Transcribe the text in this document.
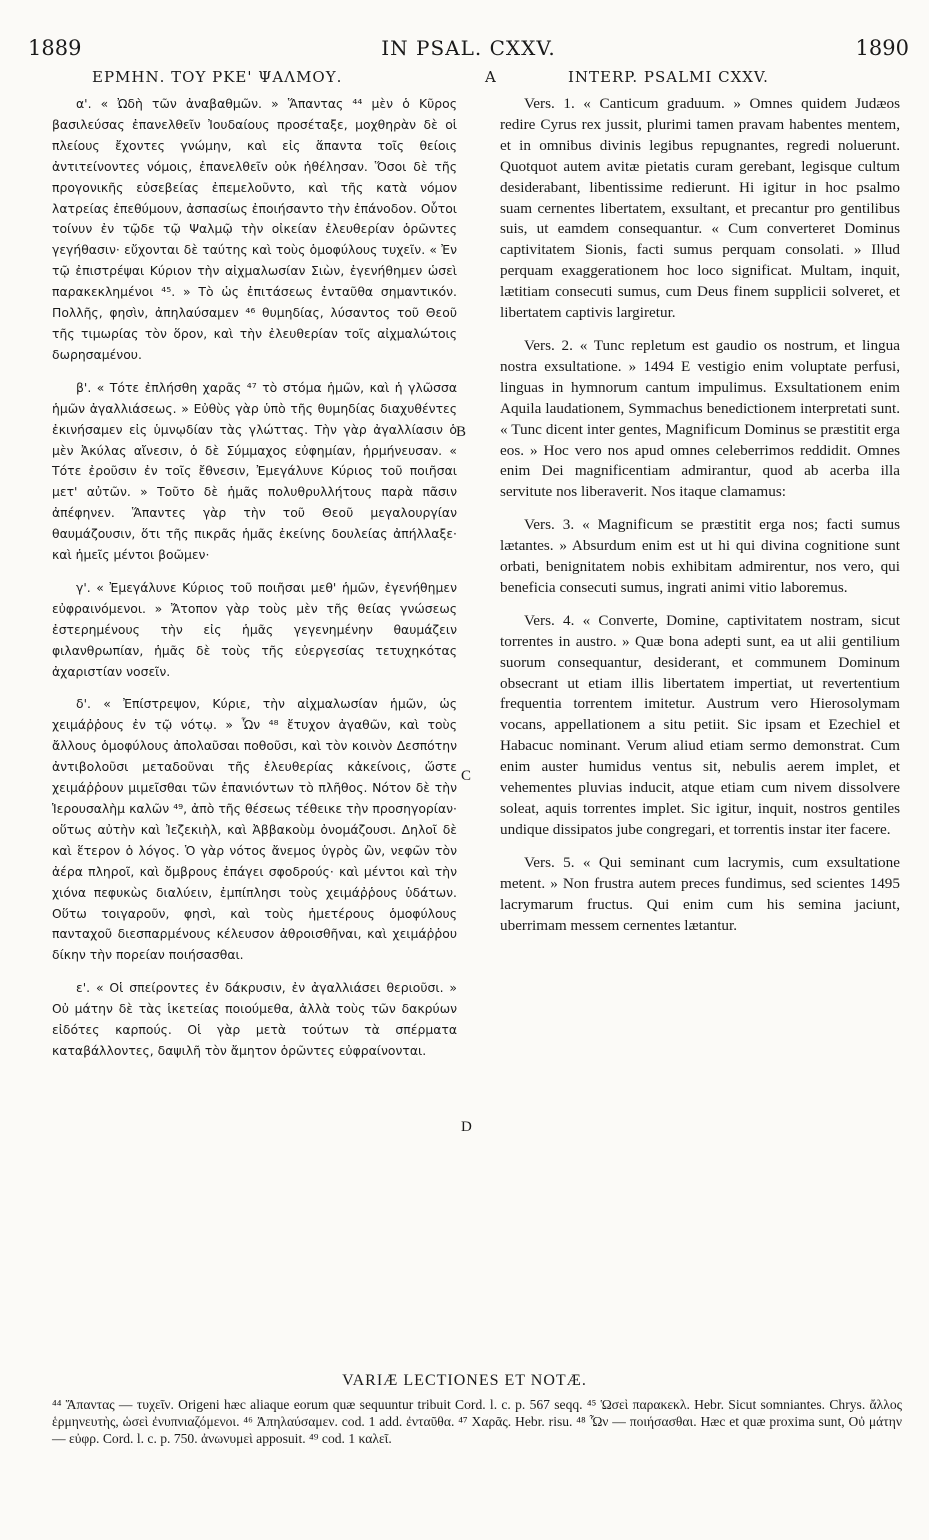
1889	IN PSAL. CXXV.	1890
ΕΡΜΗΝ. ΤΟΥ ΡΚΕ' ΨΑΛΜΟΥ.	A	INTERP. PSALMI CXXV.

α'. « Ὠδὴ τῶν ἀναβαθμῶν. » Ἅπαντας ⁴⁴ μὲν ὁ Κῦρος βασιλεύσας ἐπανελθεῖν Ἰουδαίους προσέταξε, μοχθηρὰν δὲ οἱ πλείους ἔχοντες γνώμην, καὶ εἰς ἅπαντα τοῖς θείοις ἀντιτείνοντες νόμοις, ἐπανελθεῖν οὐκ ἠθέλησαν. Ὅσοι δὲ τῆς προγονικῆς εὐσεβείας ἐπεμελοῦντο, καὶ τῆς κατὰ νόμον λατρείας ἐπεθύμουν, ἀσπασίως ἐποιήσαντο τὴν ἐπάνοδον. Οὗτοι τοίνυν ἐν τῷδε τῷ Ψαλμῷ τὴν οἰκείαν ἐλευθερίαν ὁρῶντες γεγήθασιν· εὔχονται δὲ ταύτης καὶ τοὺς ὁμοφύλους τυχεῖν. « Ἐν τῷ ἐπιστρέψαι Κύριον τὴν αἰχμαλωσίαν Σιὼν, ἐγενήθημεν ὡσεὶ παρακεκλημένοι ⁴⁵. » Τὸ ὡς ἐπιτάσεως ἐνταῦθα σημαντικόν. Πολλῆς, φησὶν, ἀπηλαύσαμεν ⁴⁶ θυμηδίας, λύσαντος τοῦ Θεοῦ τῆς τιμωρίας τὸν ὅρον, καὶ τὴν ἐλευθερίαν τοῖς αἰχμαλώτοις δωρησαμένου.

β'. « Τότε ἐπλήσθη χαρᾶς ⁴⁷ τὸ στόμα ἡμῶν, καὶ ἡ γλῶσσα ἡμῶν ἀγαλλιάσεως. » Εὐθὺς γὰρ ὑπὸ τῆς θυμηδίας διαχυθέντες ἐκινήσαμεν εἰς ὑμνῳδίαν τὰς γλώττας. Τὴν γὰρ ἀγαλλίασιν ὁ μὲν Ἀκύλας αἴνεσιν, ὁ δὲ Σύμμαχος εὐφημίαν, ἡρμήνευσαν. « Τότε ἐροῦσιν ἐν τοῖς ἔθνεσιν, Ἐμεγάλυνε Κύριος τοῦ ποιῆσαι μετ' αὐτῶν. » Τοῦτο δὲ ἡμᾶς πολυθρυλλήτους παρὰ πᾶσιν ἀπέφηνεν. Ἅπαντες γὰρ τὴν τοῦ Θεοῦ μεγαλουργίαν θαυμάζουσιν, ὅτι τῆς πικρᾶς ἡμᾶς ἐκείνης δουλείας ἀπήλλαξε· καὶ ἡμεῖς μέντοι βοῶμεν·

γ'. « Ἐμεγάλυνε Κύριος τοῦ ποιῆσαι μεθ' ἡμῶν, ἐγενήθημεν εὐφραινόμενοι. » Ἄτοπον γὰρ τοὺς μὲν τῆς θείας γνώσεως ἐστερημένους τὴν εἰς ἡμᾶς γεγενημένην θαυμάζειν φιλανθρωπίαν, ἡμᾶς δὲ τοὺς τῆς εὐεργεσίας τετυχηκότας ἀχαριστίαν νοσεῖν.

δ'. « Ἐπίστρεψον, Κύριε, τὴν αἰχμαλωσίαν ἡμῶν, ὡς χειμάῤῥους ἐν τῷ νότῳ. » Ὧν ⁴⁸ ἔτυχον ἀγαθῶν, καὶ τοὺς ἄλλους ὁμοφύλους ἀπολαῦσαι ποθοῦσι, καὶ τὸν κοινὸν Δεσπότην ἀντιβολοῦσι μεταδοῦναι τῆς ἐλευθερίας κἀκείνοις, ὥστε χειμάῤῥουν μιμεῖσθαι τῶν ἐπανιόντων τὸ πλῆθος. Νότον δὲ τὴν Ἱερουσαλὴμ καλῶν ⁴⁹, ἀπὸ τῆς θέσεως τέθεικε τὴν προσηγορίαν· οὕτως αὐτὴν καὶ Ἰεζεκιὴλ, καὶ Ἀββακοὺμ ὀνομάζουσι. Δηλοῖ δὲ καὶ ἕτερον ὁ λόγος. Ὁ γὰρ νότος ἄνεμος ὑγρὸς ὢν, νεφῶν τὸν ἀέρα πληροῖ, καὶ ὄμβρους ἐπάγει σφοδρούς· καὶ μέντοι καὶ τὴν χιόνα πεφυκὼς διαλύειν, ἐμπίπλησι τοὺς χειμάῤῥους ὑδάτων. Οὕτω τοιγαροῦν, φησὶ, καὶ τοὺς ἡμετέρους ὁμοφύλους πανταχοῦ διεσπαρμένους κέλευσον ἀθροισθῆναι, καὶ χειμάῤῥου δίκην τὴν πορείαν ποιήσασθαι.

ε'. « Οἱ σπείροντες ἐν δάκρυσιν, ἐν ἀγαλλιάσει θεριοῦσι. » Οὐ μάτην δὲ τὰς ἱκετείας ποιούμεθα, ἀλλὰ τοὺς τῶν δακρύων εἰδότες καρπούς. Οἱ γὰρ μετὰ τούτων τὰ σπέρματα καταβάλλοντες, δαψιλῆ τὸν ἄμητον ὁρῶντες εὐφραίνονται.

B
C
D

Vers. 1. « Canticum graduum. » Omnes quidem Judæos redire Cyrus rex jussit, plurimi tamen pravam habentes mentem, et in omnibus divinis legibus repugnantes, regredi noluerunt. Quotquot autem avitæ pietatis curam gerebant, legisque cultum desiderabant, libentissime redierunt. Hi igitur in hoc psalmo suam cernentes libertatem, exsultant, et precantur pro gentilibus suis, ut eamdem consequantur. « Cum converteret Dominus captivitatem Sionis, facti sumus perquam consolati. » Illud perquam exaggerationem hoc loco significat. Multam, inquit, lætitiam consecuti sumus, cum Deus finem supplicii solveret, et libertatem captivis largiretur.

Vers. 2. « Tunc repletum est gaudio os nostrum, et lingua nostra exsultatione. » 1494 E vestigio enim voluptate perfusi, linguas in hymnorum cantum impulimus. Exsultationem enim Aquila laudationem, Symmachus benedictionem interpretati sunt. « Tunc dicent inter gentes, Magnificum Dominus se præstitit erga eos. » Hoc vero nos apud omnes celeberrimos reddidit. Omnes enim Dei magnificentiam admirantur, quod ab acerba illa servitute nos liberaverit. Nos itaque clamamus:

Vers. 3. « Magnificum se præstitit erga nos; facti sumus lætantes. » Absurdum enim est ut hi qui divina cognitione sunt orbati, benignitatem nobis exhibitam admirentur, nos vero, qui beneficia consecuti sumus, ingrati animi vitio laboremus.

Vers. 4. « Converte, Domine, captivitatem nostram, sicut torrentes in austro. » Quæ bona adepti sunt, ea ut alii gentilium suorum consequantur, desiderant, et communem Dominum obsecrant ut etiam illis libertatem impertiat, ut revertentium frequentia torrentem imitetur. Austrum vero Hierosolymam vocans, appellationem a situ petiit. Sic ipsam et Ezechiel et Habacuc nominant. Verum aliud etiam sermo demonstrat. Cum enim auster humidus ventus sit, nebulis aerem implet, et vehementes pluvias inducit, atque etiam cum nivem dissolvere soleat, aquis torrentes implet. Sic igitur, inquit, nostros gentiles undique dissipatos jube congregari, et torrentis instar iter facere.

Vers. 5. « Qui seminant cum lacrymis, cum exsultatione metent. » Non frustra autem preces fundimus, sed scientes 1495 lacrymarum fructus. Qui enim cum his semina jaciunt, uberrimam messem cernentes lætantur.

VARIÆ LECTIONES ET NOTÆ.

⁴⁴ Ἅπαντας — τυχεῖν. Origeni hæc aliaque eorum quæ sequuntur tribuit Cord. l. c. p. 567 seqq. ⁴⁵ Ὡσεὶ παρακεκλ. Hebr. Sicut somniantes. Chrys. ἄλλος ἑρμηνευτὴς, ὡσεὶ ἐνυπνιαζόμενοι. ⁴⁶ Ἀπηλαύσαμεν. cod. 1 add. ἐνταῦθα. ⁴⁷ Χαρᾶς. Hebr. risu. ⁴⁸ Ὧν — ποιήσασθαι. Hæc et quæ proxima sunt, Οὐ μάτην — εὐφρ. Cord. l. c. p. 750. ἀνωνυμεὶ apposuit. ⁴⁹ cod. 1 καλεῖ.
